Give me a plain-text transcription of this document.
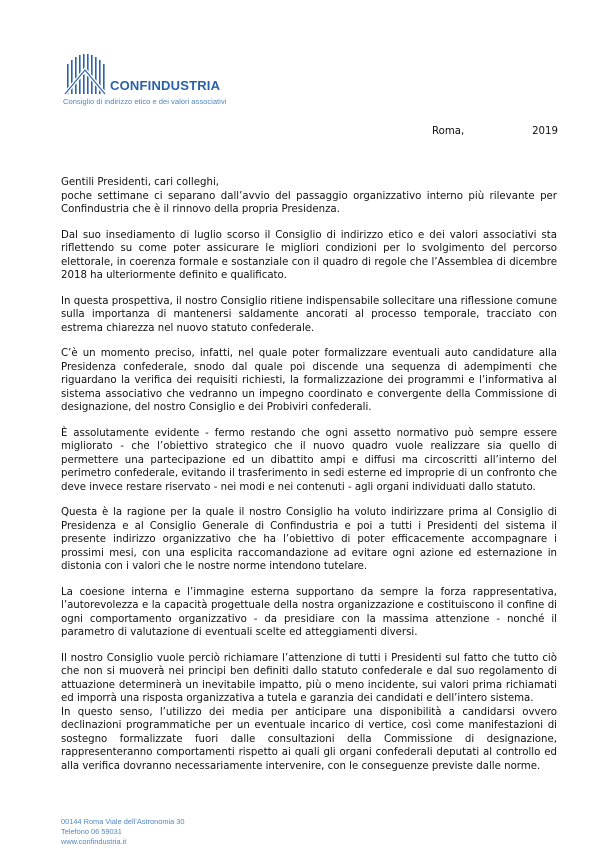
CONFINDUSTRIA
Consiglio di indirizzo etico e dei valori associativi
Roma,	2019

Gentili Presidenti, cari colleghi,

poche settimane ci separano dall’avvio del passaggio organizzativo interno più rilevante per Confindustria che è il rinnovo della propria Presidenza.

Dal suo insediamento di luglio scorso il Consiglio di indirizzo etico e dei valori associativi sta riflettendo su come poter assicurare le migliori condizioni per lo svolgimento del percorso elettorale, in coerenza formale e sostanziale con il quadro di regole che l’Assemblea di dicembre 2018 ha ulteriormente definito e qualificato.

In questa prospettiva, il nostro Consiglio ritiene indispensabile sollecitare una riflessione comune sulla importanza di mantenersi saldamente ancorati al processo temporale, tracciato con estrema chiarezza nel nuovo statuto confederale.

C’è un momento preciso, infatti, nel quale poter formalizzare eventuali auto candidature alla Presidenza confederale, snodo dal quale poi discende una sequenza di adempimenti che riguardano la verifica dei requisiti richiesti, la formalizzazione dei programmi e l’informativa al sistema associativo che vedranno un impegno coordinato e convergente della Commissione di designazione, del nostro Consiglio e dei Probiviri confederali.

È assolutamente evidente - fermo restando che ogni assetto normativo può sempre essere migliorato - che l’obiettivo strategico che il nuovo quadro vuole realizzare sia quello di permettere una partecipazione ed un dibattito ampi e diffusi ma circoscritti all’interno del perimetro confederale, evitando il trasferimento in sedi esterne ed improprie di un confronto che deve invece restare riservato - nei modi e nei contenuti - agli organi individuati dallo statuto.

Questa è la ragione per la quale il nostro Consiglio ha voluto indirizzare prima al Consiglio di Presidenza e al Consiglio Generale di Confindustria e poi a tutti i Presidenti del sistema il presente indirizzo organizzativo che ha l’obiettivo di poter efficacemente accompagnare i prossimi mesi, con una esplicita raccomandazione ad evitare ogni azione ed esternazione in distonia con i valori che le nostre norme intendono tutelare.

La coesione interna e l’immagine esterna supportano da sempre la forza rappresentativa, l’autorevolezza e la capacità progettuale della nostra organizzazione e costituiscono il confine di ogni comportamento organizzativo - da presidiare con la massima attenzione - nonché il parametro di valutazione di eventuali scelte ed atteggiamenti diversi.

Il nostro Consiglio vuole perciò richiamare l’attenzione di tutti i Presidenti sul fatto che tutto ciò che non si muoverà nei principi ben definiti dallo statuto confederale e dal suo regolamento di attuazione determinerà un inevitabile impatto, più o meno incidente, sui valori prima richiamati ed imporrà una risposta organizzativa a tutela e garanzia dei candidati e dell’intero sistema.

In questo senso, l’utilizzo dei media per anticipare una disponibilità a candidarsi ovvero declinazioni programmatiche per un eventuale incarico di vertice, così come manifestazioni di sostegno formalizzate fuori dalle consultazioni della Commissione di designazione, rappresenteranno comportamenti rispetto ai quali gli organi confederali deputati al controllo ed alla verifica dovranno necessariamente intervenire, con le conseguenze previste dalle norme.

00144 Roma Viale dell’Astronomia 30
Telefono 06 59031
www.confindustria.it
